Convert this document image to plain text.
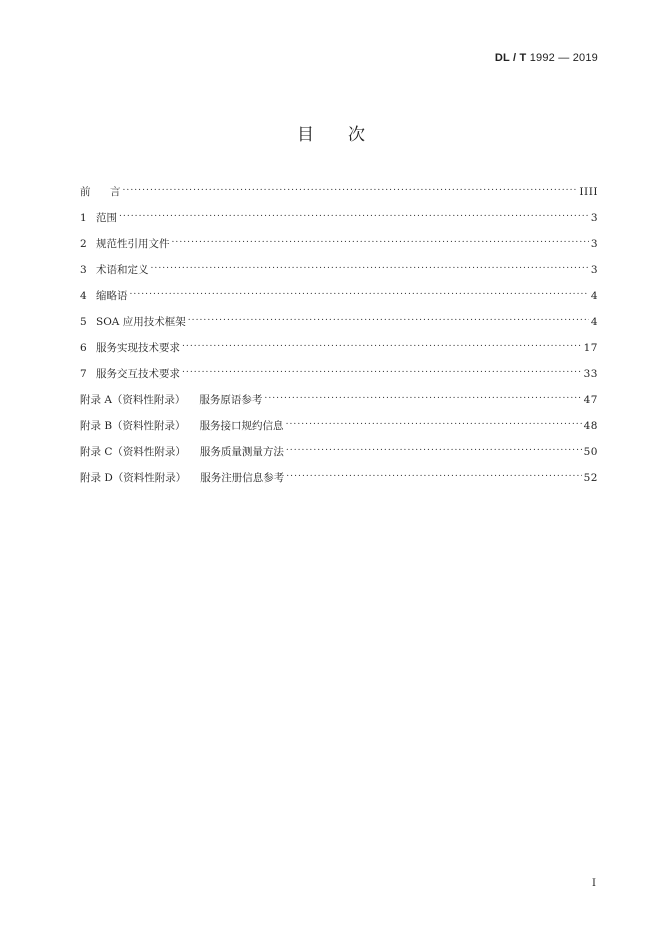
DL / T 1992 — 2019
目次
前 言 . . .	IIII
1 范围 . . .	3
2 规范性引用文件 . . .	3
3 术语和定义 . . .	3
4 缩略语 . . .	4
5 SOA 应用技术框架 . . .	4
6 服务实现技术要求 . . .	17
7 服务交互技术要求 . . .	33
附录 A（资料性附录） 服务原语参考 . . .	47
附录 B（资料性附录） 服务接口规约信息 . . .	48
附录 C（资料性附录） 服务质量测量方法 . . .	50
附录 D（资料性附录） 服务注册信息参考 . . .	52
I
